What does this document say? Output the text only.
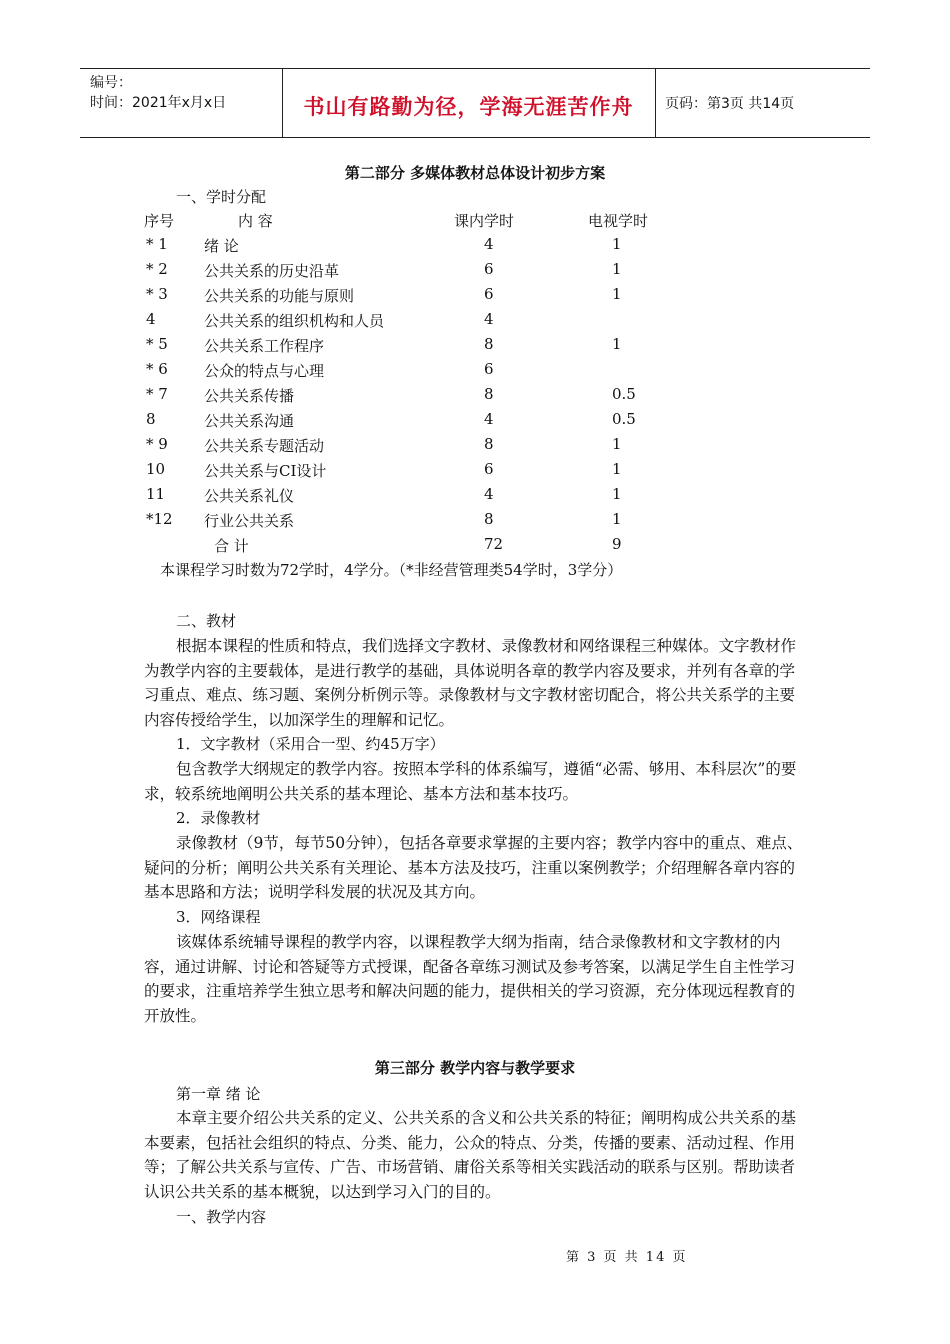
编号：
时间：2021年x月x日	书山有路勤为径，学海无涯苦作舟	页码：第3页 共14页
第二部分 多媒体教材总体设计初步方案
一、学时分配
序号	内 容	课内学时	电视学时
* 1 绪 论	4	1
* 2 公共关系的历史沿革	6	1
* 3 公共关系的功能与原则	6	1
4	公共关系的组织机构和人员	4
* 5 公共关系工作程序	8	1
* 6 公众的特点与心理	6
* 7 公共关系传播	8	0.5
8	公共关系沟通	4	0.5
* 9 公共关系专题活动	8	1
10	公共关系与CI设计	6	1
11	公共关系礼仪	4	1
*12 行业公共关系	8	1
合 计	72	9
本课程学习时数为72学时，4学分。（*非经营管理类54学时，3学分）
二、教材
根据本课程的性质和特点，我们选择文字教材、录像教材和网络课程三种媒体。文字教材作为教学内容的主要载体，是进行教学的基础，具体说明各章的教学内容及要求，并列有各章的学习重点、难点、练习题、案例分析例示等。录像教材与文字教材密切配合，将公共关系学的主要内容传授给学生，以加深学生的理解和记忆。
1．文字教材（采用合一型、约45万字）
包含教学大纲规定的教学内容。按照本学科的体系编写，遵循“必需、够用、本科层次”的要求，较系统地阐明公共关系的基本理论、基本方法和基本技巧。
2．录像教材
录像教材（9节，每节50分钟），包括各章要求掌握的主要内容；教学内容中的重点、难点、疑问的分析；阐明公共关系有关理论、基本方法及技巧，注重以案例教学；介绍理解各章内容的基本思路和方法；说明学科发展的状况及其方向。
3．网络课程
该媒体系统辅导课程的教学内容，以课程教学大纲为指南，结合录像教材和文字教材的内容，通过讲解、讨论和答疑等方式授课，配备各章练习测试及参考答案，以满足学生自主性学习的要求，注重培养学生独立思考和解决问题的能力，提供相关的学习资源，充分体现远程教育的开放性。
第三部分 教学内容与教学要求
第一章 绪 论
本章主要介绍公共关系的定义、公共关系的含义和公共关系的特征；阐明构成公共关系的基本要素，包括社会组织的特点、分类、能力，公众的特点、分类，传播的要素、活动过程、作用等；了解公共关系与宣传、广告、市场营销、庸俗关系等相关实践活动的联系与区别。帮助读者认识公共关系的基本概貌，以达到学习入门的目的。
一、教学内容
第 3 页 共 14 页
